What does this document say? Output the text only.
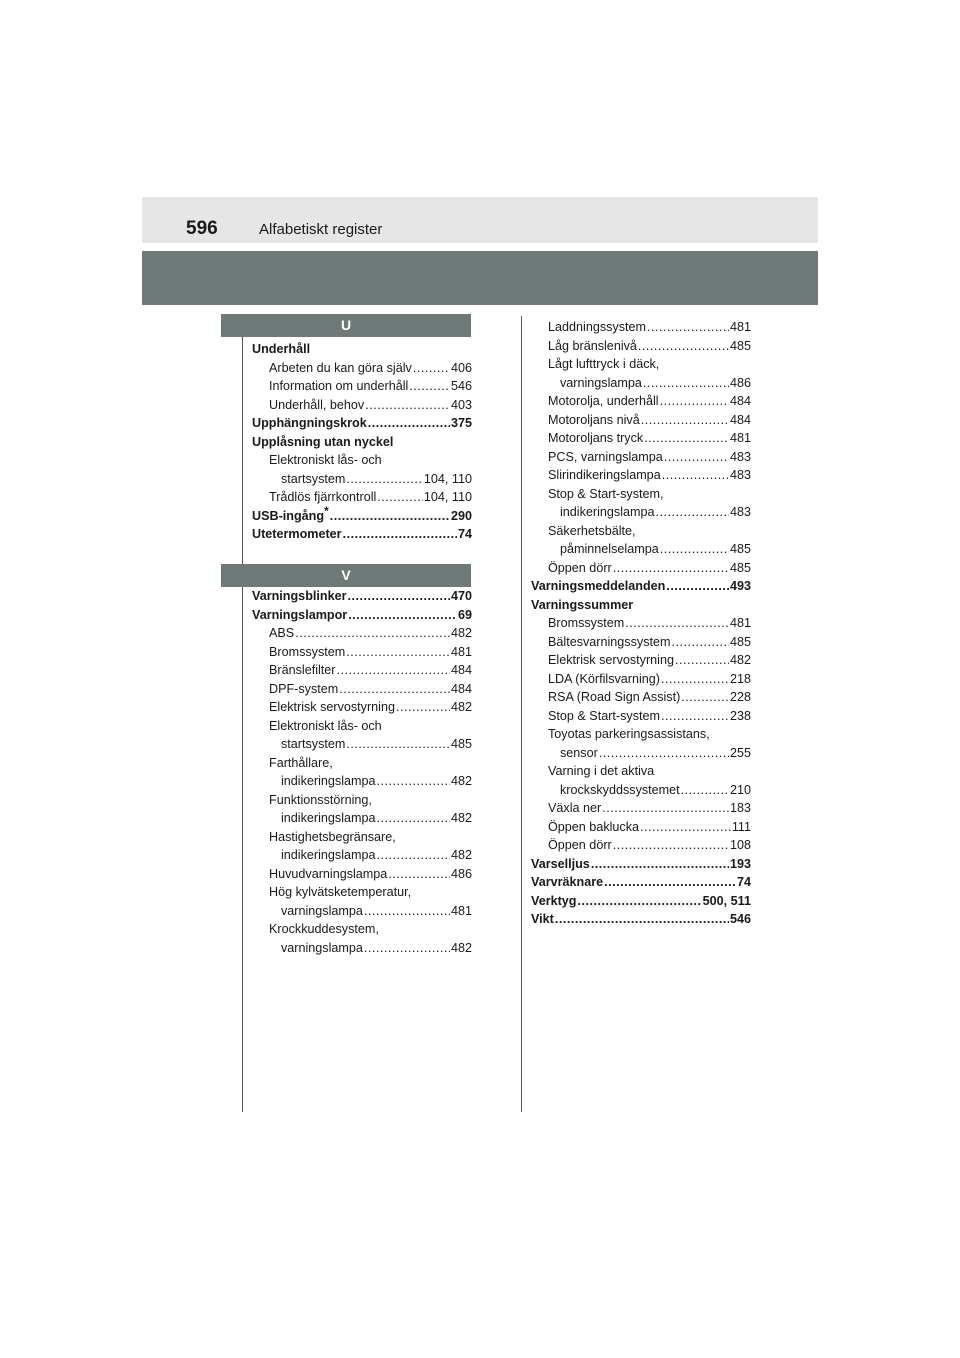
596	Alfabetiskt register
U
V
Underhåll
Arbeten du kan göra själv .....	406
Information om underhåll .....	546
Underhåll, behov .....	403
Upphängningskrok .....	375
Upplåsning utan nyckel
Elektroniskt lås- och
startsystem .....	104, 110
Trådlös fjärrkontroll .....	104, 110
USB-ingång* .....	290
Utetermometer .....	74
Varningsblinker .....	470
Varningslampor .....	69
ABS .....	482
Bromssystem .....	481
Bränslefilter .....	484
DPF-system .....	484
Elektrisk servostyrning .....	482
Elektroniskt lås- och
startsystem .....	485
Farthållare,
indikeringslampa .....	482
Funktionsstörning,
indikeringslampa .....	482
Hastighetsbegränsare,
indikeringslampa .....	482
Huvudvarningslampa .....	486
Hög kylvätsketemperatur,
varningslampa .....	481
Krockkuddesystem,
varningslampa .....	482
Laddningssystem .....	481
Låg bränslenivå .....	485
Lågt lufttryck i däck,
varningslampa .....	486
Motorolja, underhåll .....	484
Motoroljans nivå .....	484
Motoroljans tryck .....	481
PCS, varningslampa .....	483
Slirindikeringslampa .....	483
Stop & Start-system,
indikeringslampa .....	483
Säkerhetsbälte,
påminnelselampa .....	485
Öppen dörr .....	485
Varningsmeddelanden .....	493
Varningssummer
Bromssystem .....	481
Bältesvarningssystem .....	485
Elektrisk servostyrning .....	482
LDA (Körfilsvarning) .....	218
RSA (Road Sign Assist) .....	228
Stop & Start-system .....	238
Toyotas parkeringsassistans,
sensor .....	255
Varning i det aktiva
krockskyddssystemet .....	210
Växla ner .....	183
Öppen baklucka .....	111
Öppen dörr .....	108
Varselljus .....	193
Varvräknare .....	74
Verktyg .....	500, 511
Vikt .....	546
